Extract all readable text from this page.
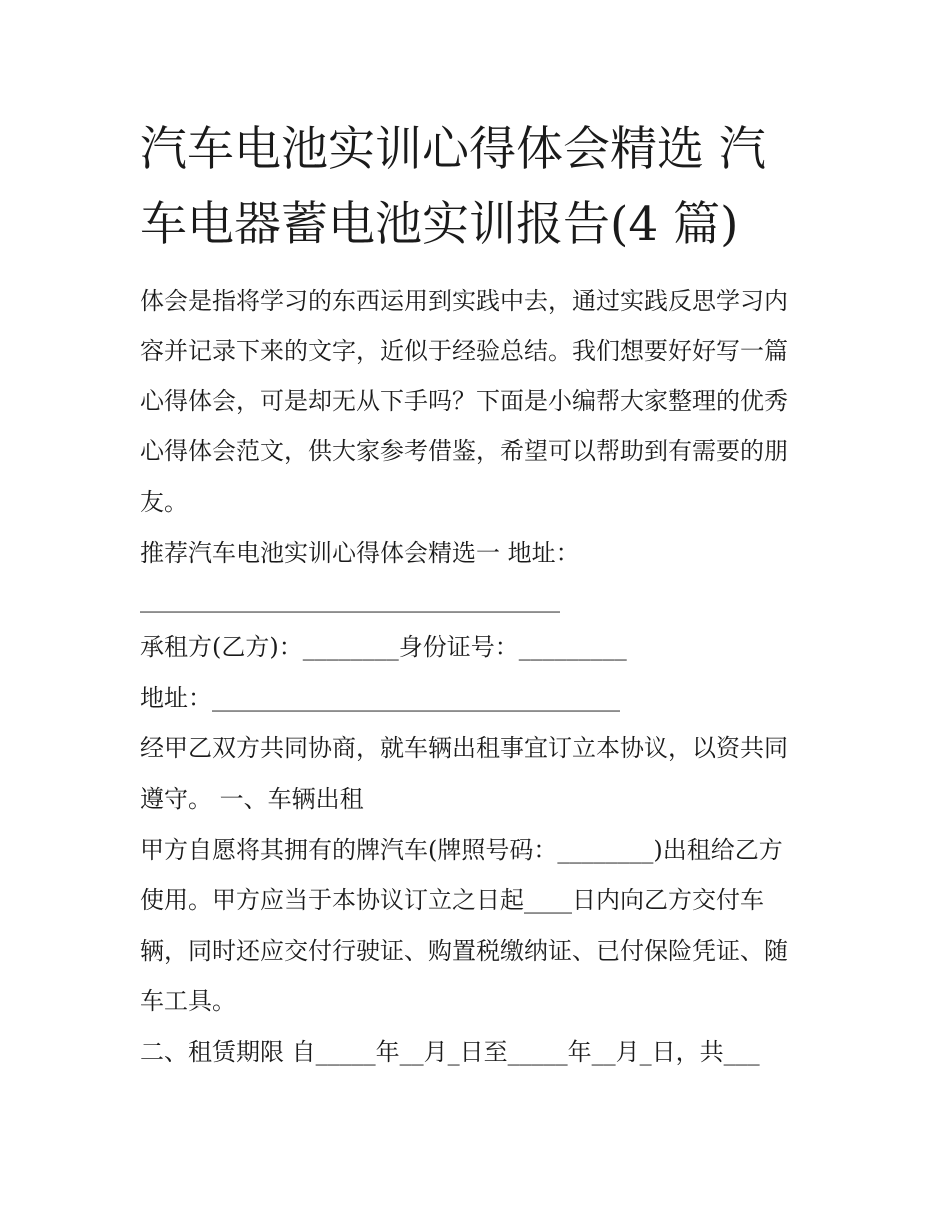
汽车电池实训心得体会精选 汽
车电器蓄电池实训报告(4 篇)

体会是指将学习的东西运用到实践中去，通过实践反思学习内

容并记录下来的文字，近似于经验总结。我们想要好好写一篇

心得体会，可是却无从下手吗？下面是小编帮大家整理的优秀

心得体会范文，供大家参考借鉴，希望可以帮助到有需要的朋

友。

推荐汽车电池实训心得体会精选一 地址：

___________________________________

承租方(乙方)：________身份证号：_________

地址：__________________________________

经甲乙双方共同协商，就车辆出租事宜订立本协议，以资共同

遵守。 一、车辆出租

甲方自愿将其拥有的牌汽车(牌照号码：________)出租给乙方

使用。甲方应当于本协议订立之日起____日内向乙方交付车

辆，同时还应交付行驶证、购置税缴纳证、已付保险凭证、随

车工具。

二、租赁期限 自_____年__月_日至_____年__月_日，共___
